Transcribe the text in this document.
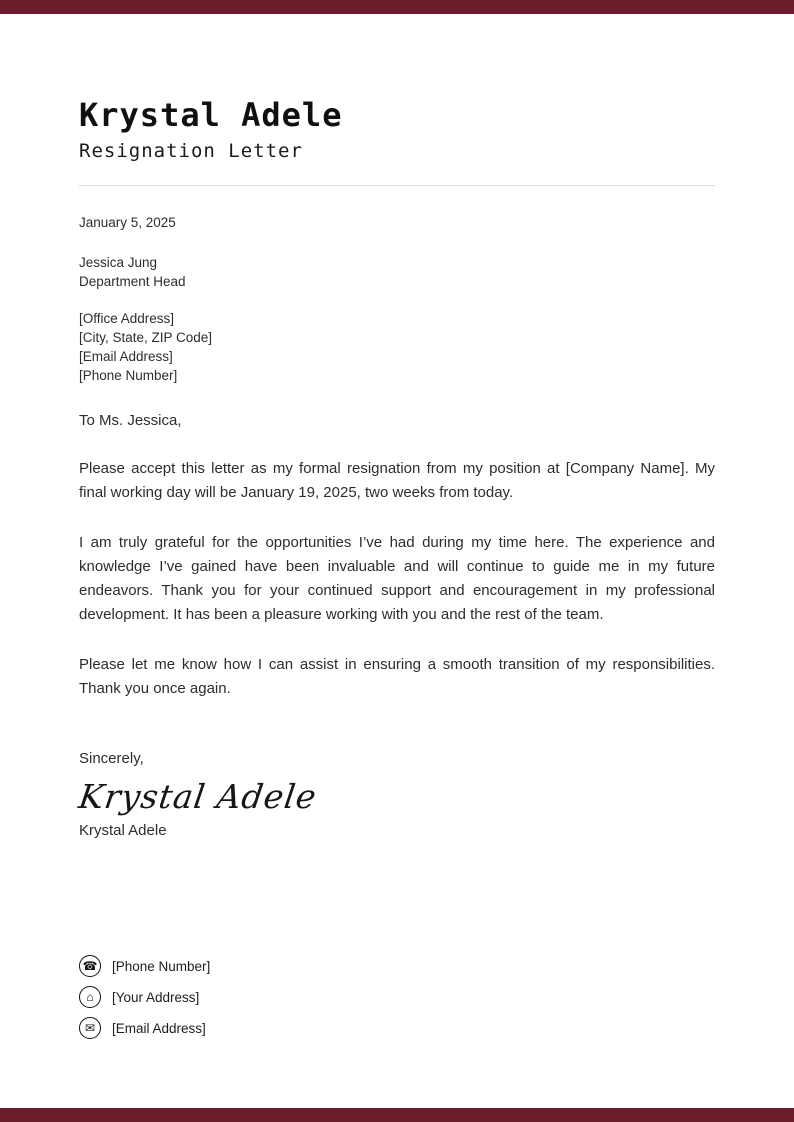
Krystal Adele
Resignation Letter
January 5, 2025
Jessica Jung
Department Head
[Office Address]
[City, State, ZIP Code]
[Email Address]
[Phone Number]
To Ms. Jessica,

Please accept this letter as my formal resignation from my position at [Company Name]. My final working day will be January 19, 2025, two weeks from today.

I am truly grateful for the opportunities I’ve had during my time here. The experience and knowledge I’ve gained have been invaluable and will continue to guide me in my future endeavors. Thank you for your continued support and encouragement in my professional development. It has been a pleasure working with you and the rest of the team.

Please let me know how I can assist in ensuring a smooth transition of my responsibilities. Thank you once again.

Sincerely,
Krystal Adele
Krystal Adele
☎ [Phone Number]
⌂	[Your Address]
✉	[Email Address]
